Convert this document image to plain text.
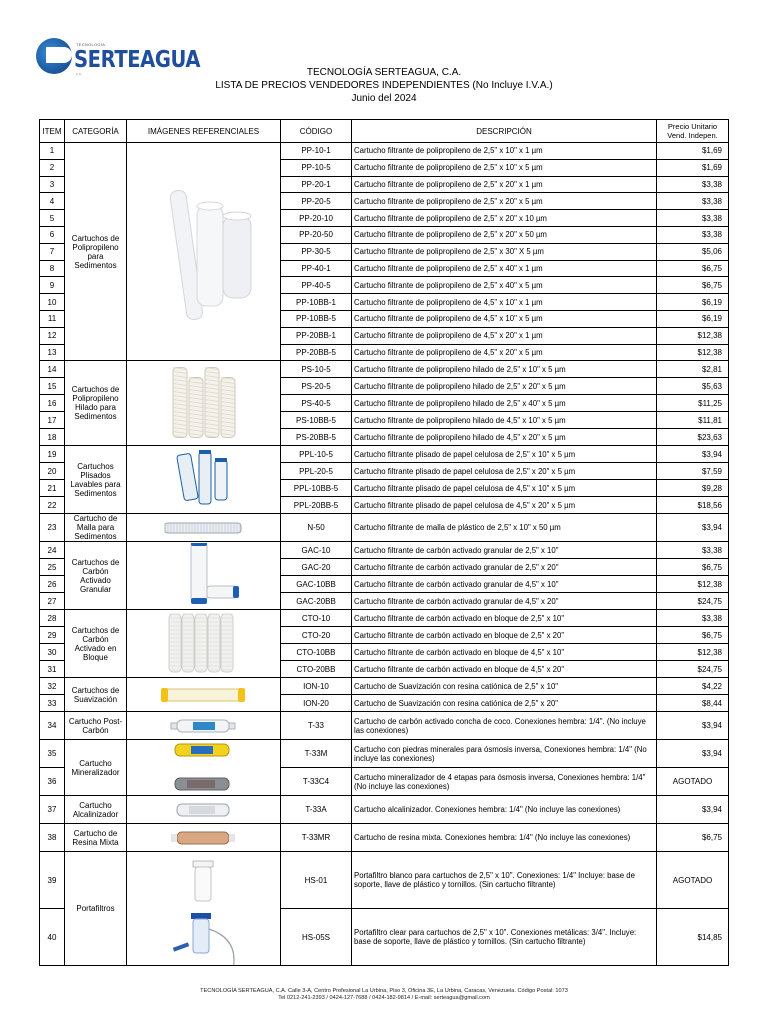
TECNOLOGÍA
SERTEAGUA
C.A.	TECNOLOGÍA SERTEAGUA, C.A.
LISTA DE PRECIOS VENDEDORES INDEPENDIENTES (No Incluye I.V.A.)
Junio del 2024
ITEM	CATEGORÍA	IMÁGENES REFERENCIALES	CÓDIGO	DESCRIPCIÓN	Precio Unitario Vend. Indepen.
1	Cartuchos de Polipropileno para Sedimentos		PP-10-1	Cartucho filtrante de polipropileno de 2,5" x 10" x 1 µm	$1,69
2			PP-10-5	Cartucho filtrante de polipropileno de 2,5" x 10" x 5 µm	$1,69
3			PP-20-1	Cartucho filtrante de polipropileno de 2,5" x 20" x 1 µm	$3,38
4			PP-20-5	Cartucho filtrante de polipropileno de 2,5" x 20" x 5 µm	$3,38
5			PP-20-10	Cartucho filtrante de polipropileno de 2,5" x 20" x 10 µm	$3,38
6			PP-20-50	Cartucho filtrante de polipropileno de 2,5" x 20" x 50 µm	$3,38
7			PP-30-5	Cartucho filtrante de polipropileno de 2,5" x 30" X 5 µm	$5,06
8			PP-40-1	Cartucho filtrante de polipropileno de 2,5" x 40" x 1 µm	$6,75
9			PP-40-5	Cartucho filtrante de polipropileno de 2,5" x 40" x 5 µm	$6,75
10			PP-10BB-1	Cartucho filtrante de polipropileno de 4,5" x 10" x 1 µm	$6,19
11			PP-10BB-5	Cartucho filtrante de polipropileno de 4,5" x 10" x 5 µm	$6,19
12			PP-20BB-1	Cartucho filtrante de polipropileno de 4,5" x 20" x 1 µm	$12,38
13			PP-20BB-5	Cartucho filtrante de polipropileno de 4,5" x 20" x 5 µm	$12,38
14	Cartuchos de Polipropileno Hilado para Sedimentos		PS-10-5	Cartucho filtrante de polipropileno hilado de 2,5" x 10" x 5 µm	$2,81
15			PS-20-5	Cartucho filtrante de polipropileno hilado de 2,5" x 20" x 5 µm	$5,63
16			PS-40-5	Cartucho filtrante de polipropileno hilado de 2,5" x 40" x 5 µm	$11,25
17			PS-10BB-5	Cartucho filtrante de polipropileno hilado de 4,5" x 10" x 5 µm	$11,81
18			PS-20BB-5	Cartucho filtrante de polipropileno hilado de 4,5" x 20" x 5 µm	$23,63
19	Cartuchos Plisados Lavables para Sedimentos		PPL-10-5	Cartucho filtrante plisado de papel celulosa de 2,5" x 10" x 5 µm	$3,94
20			PPL-20-5	Cartucho filtrante plisado de papel celulosa de 2,5" x 20" x 5 µm	$7,59
21			PPL-10BB-5	Cartucho filtrante plisado de papel celulosa de 4,5" x 10" x 5 µm	$9,28
22			PPL-20BB-5	Cartucho filtrante plisado de papel celulosa de 4,5" x 20" x 5 µm	$18,56
23	Cartucho de Malla para Sedimentos		N-50	Cartucho filtrante de malla de plástico de 2,5" x 10" x 50 µm	$3,94
24	Cartuchos de Carbón Activado Granular		GAC-10	Cartucho filtrante de carbón activado granular de 2,5" x 10"	$3,38
25			GAC-20	Cartucho filtrante de carbón activado granular de 2,5" x 20"	$6,75
26			GAC-10BB	Cartucho filtrante de carbón activado granular de 4,5" x 10"	$12,38
27			GAC-20BB	Cartucho filtrante de carbón activado granular de 4,5" x 20"	$24,75
28	Cartuchos de Carbón Activado en Bloque		CTO-10	Cartucho filtrante de carbón activado en bloque de 2,5" x 10"	$3,38
29			CTO-20	Cartucho filtrante de carbón activado en bloque de 2,5" x 20"	$6,75
30			CTO-10BB	Cartucho filtrante de carbón activado en bloque de 4,5" x 10"	$12,38
31			CTO-20BB	Cartucho filtrante de carbón activado en bloque de 4,5" x 20"	$24,75
32	Cartuchos de Suavización		ION-10	Cartucho de Suavización con resina catiónica de 2,5" x 10"	$4,22
33			ION-20	Cartucho de Suavización con resina catiónica de 2,5" x 20"	$8,44
34	Cartucho Post-Carbón		T-33	Cartucho de carbón activado concha de coco. Conexiones hembra: 1/4". (No incluye las conexiones)	$3,94
35	Cartucho Mineralizador		T-33M	Cartucho con piedras minerales para ósmosis inversa, Conexiones hembra: 1/4" (No incluye las conexiones)	$3,94
36			T-33C4	Cartucho mineralizador de 4 etapas para ósmosis inversa, Conexiones hembra: 1/4" (No incluye las conexiones)	AGOTADO
37	Cartucho Alcalinizador		T-33A	Cartucho alcalinizador. Conexiones hembra: 1/4" (No incluye las conexiones)	$3,94
38	Cartucho de Resina Mixta		T-33MR	Cartucho de resina mixta. Conexiones hembra: 1/4" (No incluye las conexiones)	$6,75
39	Portafiltros		HS-01	Portafiltro blanco para cartuchos de 2,5" x 10". Conexiones: 1/4" Incluye: base de soporte, llave de plástico y tornillos. (Sin cartucho filtrante)	AGOTADO
40			HS-05S	Portafiltro clear para cartuchos de 2,5" x 10". Conexiones metálicas: 3/4". Incluye: base de soporte, llave de plástico y tornillos. (Sin cartucho filtrante)	$14,85
TECNOLOGÍA SERTEAGUA, C.A. Calle 3-A, Centro Profesional La Urbina, Piso 3, Oficina 3E, La Urbina, Caracas, Venezuela. Código Postal: 1073
Tel 0212-241-2393 / 0424-127-7688 / 0424-182-9814 / E-mail: serteagua@gmail.com
